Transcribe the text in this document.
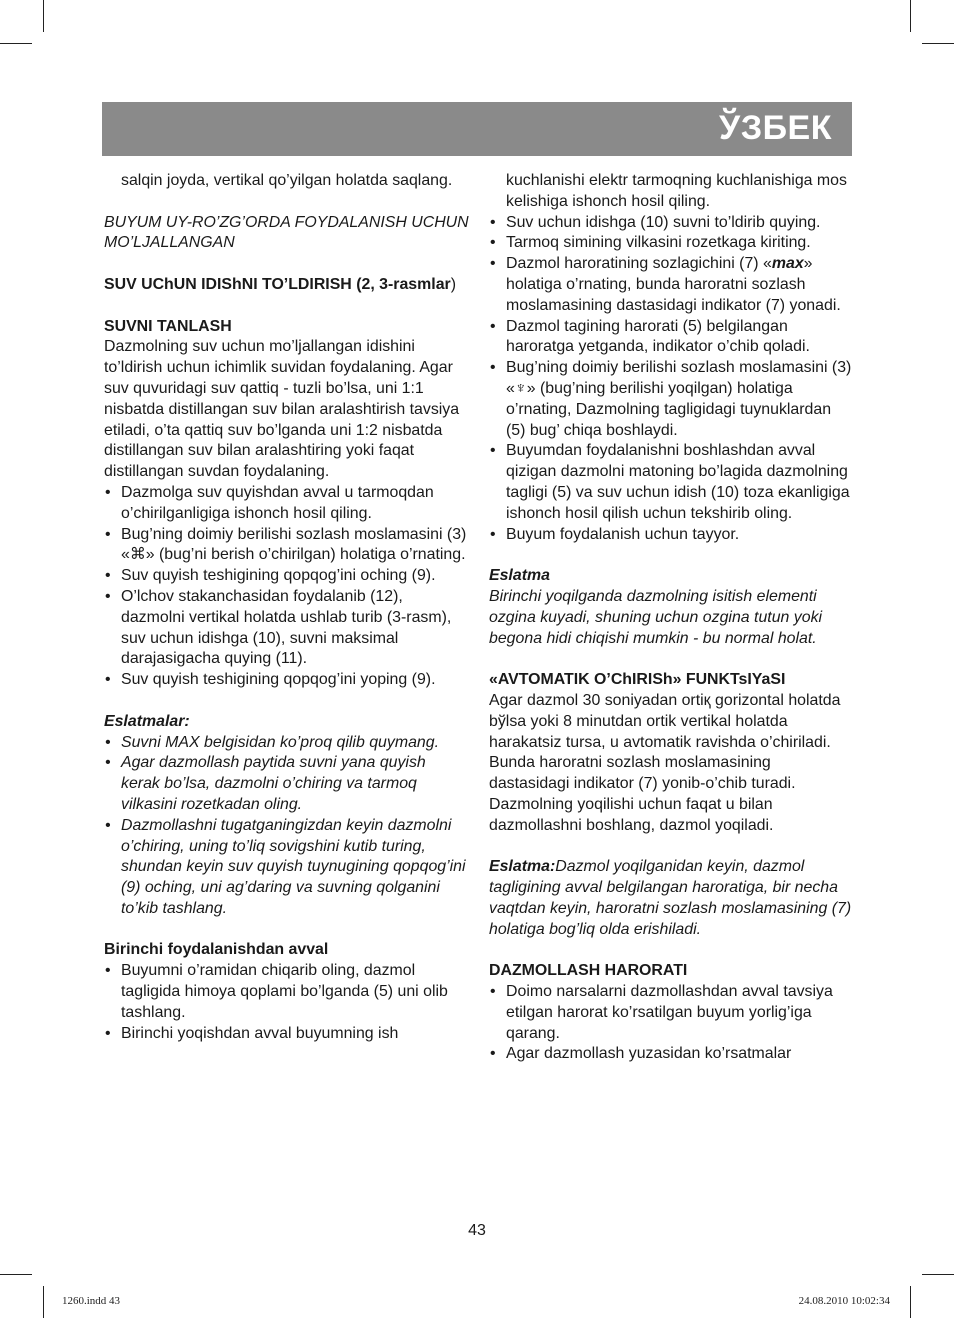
ЎЗБЕК

salqin joyda, vertikal qo’yilgan holatda saqlang.

BUYUM UY-RO’ZG’ORDA FOYDALANISH UCHUN MO’LJALLANGAN

SUV UChUN IDIShNI TO’LDIRISH (2, 3-rasmlar)

SUVNI TANLASH

Dazmolning suv uchun mo’ljallangan idishini to’ldirish uchun ichimlik suvidan foydalaning. Agar suv quvuridagi suv qattiq - tuzli bo’lsa, uni 1:1 nisbatda distillangan suv bilan aralashtirish tavsiya etiladi, o’ta qattiq suv bo’lganda uni 1:2 nisbatda distillangan suv bilan aralashtiring yoki faqat distillangan suvdan foydalaning.

• Dazmolga suv quyishdan avval u tarmoqdan o’chirilganligiga ishonch hosil qiling.

• Bug’ning doimiy berilishi sozlash moslamasini (3) «⌘» (bug’ni berish o’chirilgan) holatiga o’rnating.

• Suv quyish teshigining qopqog’ini oching (9).

• O’lchov stakanchasidan foydalanib (12), dazmolni vertikal holatda ushlab turib (3-rasm), suv uchun idishga (10), suvni maksimal darajasigacha quying (11).

• Suv quyish teshigining qopqog’ini yoping (9).

Eslatmalar:

• Suvni MAX belgisidan ko’proq qilib quymang.

• Agar dazmollash paytida suvni yana quyish kerak bo’lsa, dazmolni o’chiring va tarmoq vilkasini rozetkadan oling.

• Dazmollashni tugatganingizdan keyin dazmolni o’chiring, uning to’liq sovigshini kutib turing, shundan keyin suv quyish tuynugining qopqog’ini (9) oching, uni ag’daring va suvning qolganini to’kib tashlang.

Birinchi foydalanishdan avval

• Buyumni o’ramidan chiqarib oling, dazmol tagligida himoya qoplami bo’lganda (5) uni olib tashlang.

• Birinchi yoqishdan avval buyumning ish

kuchlanishi elektr tarmoqning kuchlanishiga mos kelishiga ishonch hosil qiling.

• Suv uchun idishga (10) suvni to’ldirib quying.

• Tarmoq simining vilkasini rozetkaga kiriting.

• Dazmol haroratining sozlagichini (7) «max» holatiga o’rnating, bunda haroratni sozlash moslamasining dastasidagi indikator (7) yonadi.

• Dazmol tagining harorati (5) belgilangan haroratga yetganda, indikator o’chib qoladi.

• Bug’ning doimiy berilishi sozlash moslamasini (3) «♆» (bug’ning berilishi yoqilgan) holatiga o’rnating, Dazmolning tagligidagi tuynuklardan (5) bug’ chiqa boshlaydi.

• Buyumdan foydalanishni boshlashdan avval qizigan dazmolni matoning bo’lagida dazmolning tagligi (5) va suv uchun idish (10) toza ekanligiga ishonch hosil qilish uchun tekshirib oling.

• Buyum foydalanish uchun tayyor.

Eslatma

Birinchi yoqilganda dazmolning isitish elementi ozgina kuyadi, shuning uchun ozgina tutun yoki begona hidi chiqishi mumkin - bu normal holat.

«AVTOMATIK O’ChIRISh» FUNKTsIYaSI

Agar dazmol 30 soniyadan ortiқ gorizontal holatda bўlsa yoki 8 minutdan ortik vertikal holatda harakatsiz tursa, u avtomatik ravishda o’chiriladi. Bunda haroratni sozlash moslamasining dastasidagi indikator (7) yonib-o’chib turadi.

Dazmolning yoqilishi uchun faqat u bilan dazmollashni boshlang, dazmol yoqiladi.

Eslatma:Dazmol yoqilganidan keyin, dazmol tagligining avval belgilangan haroratiga, bir necha vaqtdan keyin, haroratni sozlash moslamasining (7) holatiga bog’liq olda erishiladi.

DAZMOLLASH HARORATI

• Doimo narsalarni dazmollashdan avval tavsiya etilgan harorat ko’rsatilgan buyum yorlig’iga qarang.

• Agar dazmollash yuzasidan ko’rsatmalar

43
1260.indd 43	24.08.2010 10:02:34
